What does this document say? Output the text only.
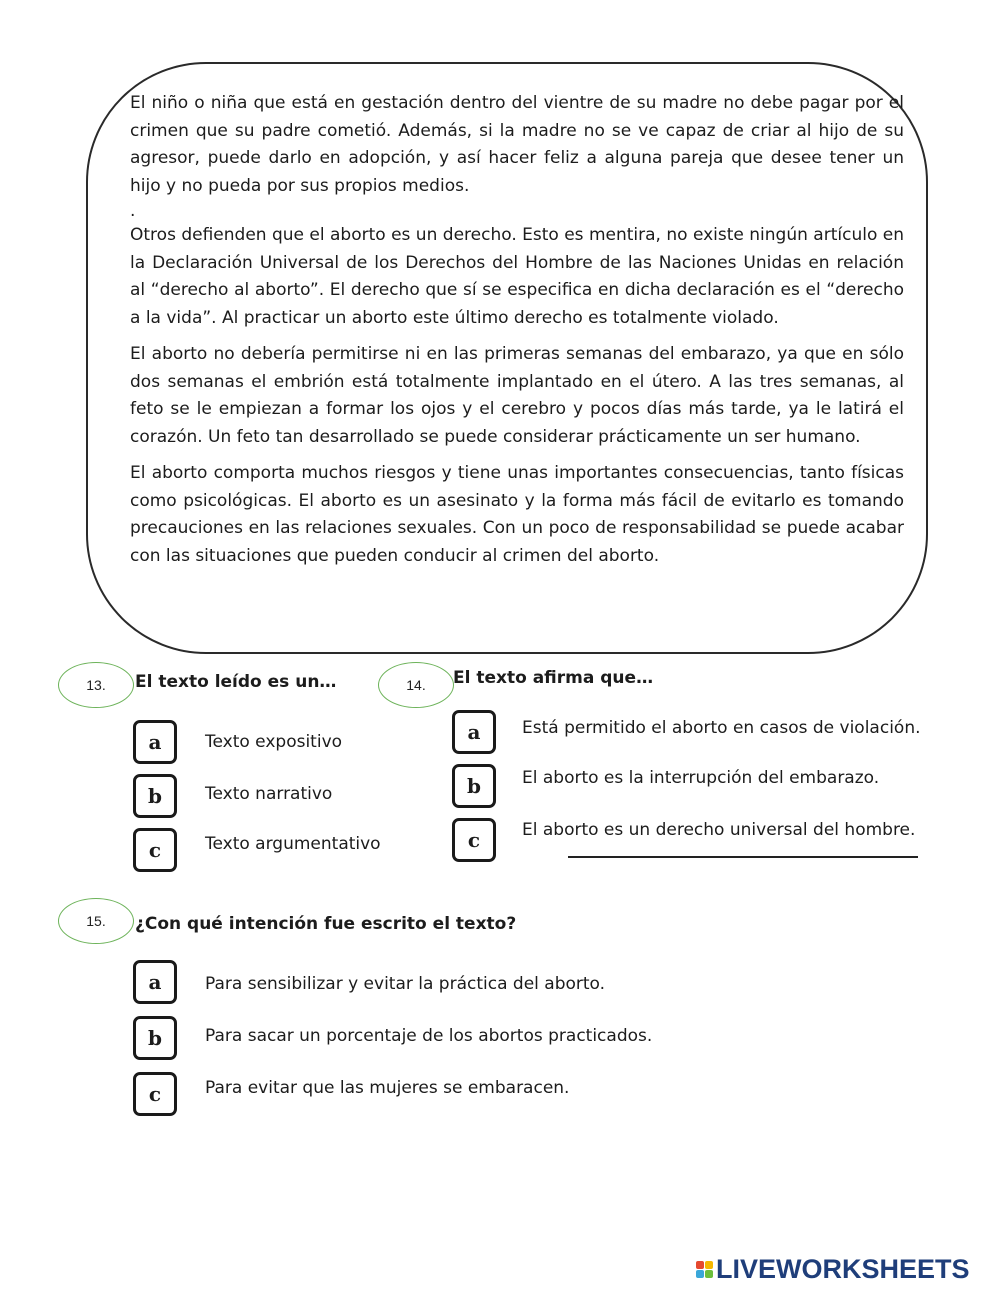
El niño o niña que está en gestación dentro del vientre de su madre no debe pagar por el crimen que su padre cometió. Además, si la madre no se ve capaz de criar al hijo de su agresor, puede darlo en adopción, y así hacer feliz a alguna pareja que desee tener un hijo y no pueda por sus propios medios.

.

Otros defienden que el aborto es un derecho. Esto es mentira, no existe ningún artículo en la Declaración Universal de los Derechos del Hombre de las Naciones Unidas en relación al “derecho al aborto”. El derecho que sí se especifica en dicha declaración es el “derecho a la vida”. Al practicar un aborto este último derecho es totalmente violado.

El aborto no debería permitirse ni en las primeras semanas del embarazo, ya que en sólo dos semanas el embrión está totalmente implantado en el útero. A las tres semanas, al feto se le empiezan a formar los ojos y el cerebro y pocos días más tarde, ya le latirá el corazón. Un feto tan desarrollado se puede considerar prácticamente un ser humano.

El aborto comporta muchos riesgos y tiene unas importantes consecuencias, tanto físicas como psicológicas. El aborto es un asesinato y la forma más fácil de evitarlo es tomando precauciones en las relaciones sexuales. Con un poco de responsabilidad se puede acabar con las situaciones que pueden conducir al crimen del aborto.

13.	El texto leído es un…
a	Texto expositivo
b	Texto narrativo
c	Texto argumentativo
14.	El texto afirma que…
a	Está permitido el aborto en casos de violación.
b	El aborto es la interrupción del embarazo.
c	El aborto es un derecho universal del hombre.
15.	¿Con qué intención fue escrito el texto?
a	Para sensibilizar y evitar la práctica del aborto.
b	Para sacar un porcentaje de los abortos practicados.
c	Para evitar que las mujeres se embaracen.
LIVEWORKSHEETS
